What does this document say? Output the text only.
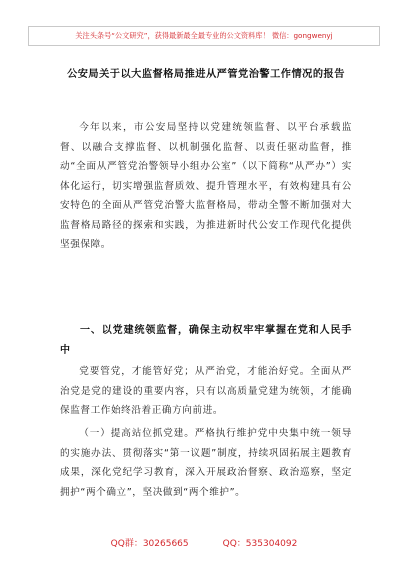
关注头条号“公文研究”，获得最新最全最专业的公文资料库！ 微信：gongwenyj
公安局关于以大监督格局推进从严管党治警工作情况的报告
今年以来，市公安局坚持以党建统领监督、以平台承载监督、以融合支撑监督、以机制强化监督、以责任驱动监督，推动“全面从严管党治警领导小组办公室”（以下简称“从严办”）实体化运行，切实增强监督质效、提升管理水平，有效构建具有公安特色的全面从严管党治警大监督格局，带动全警不断加强对大监督格局路径的探索和实践，为推进新时代公安工作现代化提供坚强保障。
一、以党建统领监督，确保主动权牢牢掌握在党和人民手中
党要管党，才能管好党；从严治党，才能治好党。全面从严治党是党的建设的重要内容，只有以高质量党建为统领，才能确保监督工作始终沿着正确方向前进。
（一）提高站位抓党建。严格执行维护党中央集中统一领导的实施办法、贯彻落实“第一议题”制度，持续巩固拓展主题教育成果，深化党纪学习教育，深入开展政治督察、政治巡察，坚定拥护“两个确立”，坚决做到“两个维护”。
QQ群：30265665	QQ：535304092
